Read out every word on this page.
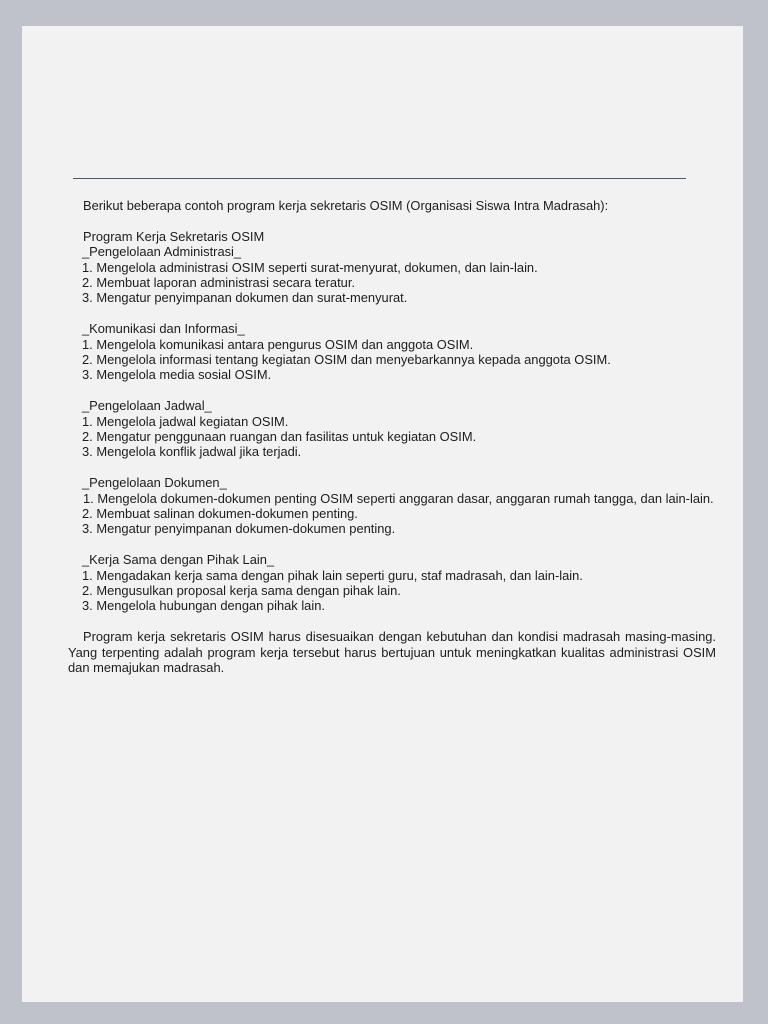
Berikut beberapa contoh program kerja sekretaris OSIM (Organisasi Siswa Intra Madrasah):

Program Kerja Sekretaris OSIM

_Pengelolaan Administrasi_

1. Mengelola administrasi OSIM seperti surat-menyurat, dokumen, dan lain-lain.

2. Membuat laporan administrasi secara teratur.

3. Mengatur penyimpanan dokumen dan surat-menyurat.

_Komunikasi dan Informasi_

1. Mengelola komunikasi antara pengurus OSIM dan anggota OSIM.

2. Mengelola informasi tentang kegiatan OSIM dan menyebarkannya kepada anggota OSIM.

3. Mengelola media sosial OSIM.

_Pengelolaan Jadwal_

1. Mengelola jadwal kegiatan OSIM.

2. Mengatur penggunaan ruangan dan fasilitas untuk kegiatan OSIM.

3. Mengelola konflik jadwal jika terjadi.

_Pengelolaan Dokumen_

1. Mengelola dokumen-dokumen penting OSIM seperti anggaran dasar, anggaran rumah tangga, dan lain-lain.

2. Membuat salinan dokumen-dokumen penting.

3. Mengatur penyimpanan dokumen-dokumen penting.

_Kerja Sama dengan Pihak Lain_

1. Mengadakan kerja sama dengan pihak lain seperti guru, staf madrasah, dan lain-lain.

2. Mengusulkan proposal kerja sama dengan pihak lain.

3. Mengelola hubungan dengan pihak lain.

Program kerja sekretaris OSIM harus disesuaikan dengan kebutuhan dan kondisi madrasah masing-masing. Yang terpenting adalah program kerja tersebut harus bertujuan untuk meningkatkan kualitas administrasi OSIM dan memajukan madrasah.
